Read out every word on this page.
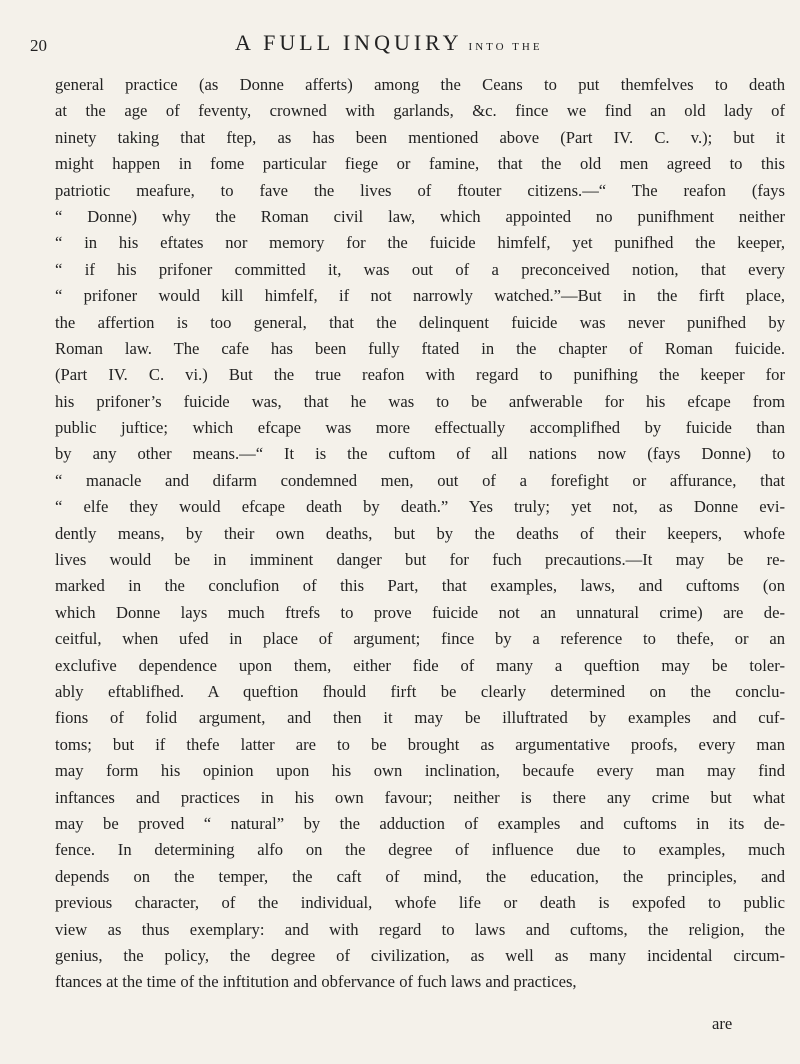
20	A FULL INQUIRY INTO THE
general practice (as Donne afferts) among the Ceans to put themfelves to death
at the age of feventy, crowned with garlands, &c. fince we find an old lady of
ninety taking that ftep, as has been mentioned above (Part IV. C. v.); but it
might happen in fome particular fiege or famine, that the old men agreed to this
patriotic meafure, to fave the lives of ftouter citizens.—“ The reafon (fays
“ Donne) why the Roman civil law, which appointed no punifhment neither
“ in his eftates nor memory for the fuicide himfelf, yet punifhed the keeper,
“ if his prifoner committed it, was out of a preconceived notion, that every
“ prifoner would kill himfelf, if not narrowly watched.”—But in the firft place,
the affertion is too general, that the delinquent fuicide was never punifhed by
Roman law. The cafe has been fully ftated in the chapter of Roman fuicide.
(Part IV. C. vi.) But the true reafon with regard to punifhing the keeper for
his prifoner’s fuicide was, that he was to be anfwerable for his efcape from
public juftice; which efcape was more effectually accomplifhed by fuicide than
by any other means.—“ It is the cuftom of all nations now (fays Donne) to
“ manacle and difarm condemned men, out of a forefight or affurance, that
“ elfe they would efcape death by death.” Yes truly; yet not, as Donne evi-
dently means, by their own deaths, but by the deaths of their keepers, whofe
lives would be in imminent danger but for fuch precautions.—It may be re-
marked in the conclufion of this Part, that examples, laws, and cuftoms (on
which Donne lays much ftrefs to prove fuicide not an unnatural crime) are de-
ceitful, when ufed in place of argument; fince by a reference to thefe, or an
exclufive dependence upon them, either fide of many a queftion may be toler-
ably eftablifhed. A queftion fhould firft be clearly determined on the conclu-
fions of folid argument, and then it may be illuftrated by examples and cuf-
toms; but if thefe latter are to be brought as argumentative proofs, every man
may form his opinion upon his own inclination, becaufe every man may find
inftances and practices in his own favour; neither is there any crime but what
may be proved “ natural” by the adduction of examples and cuftoms in its de-
fence. In determining alfo on the degree of influence due to examples, much
depends on the temper, the caft of mind, the education, the principles, and
previous character, of the individual, whofe life or death is expofed to public
view as thus exemplary: and with regard to laws and cuftoms, the religion, the
genius, the policy, the degree of civilization, as well as many incidental circum-
ftances at the time of the inftitution and obfervance of fuch laws and practices,
are
